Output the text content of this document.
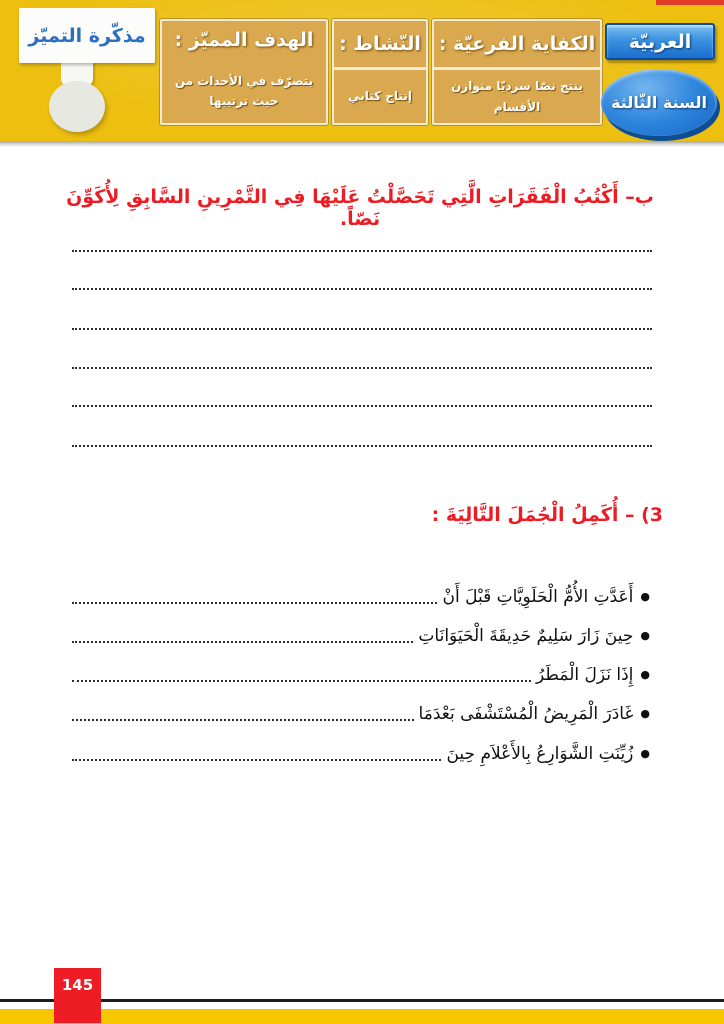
مذكّرة التميّز	الكفاية الفرعيّة :
ينتج نصّا سرديّا متوازن الأقسام
النّشاط :
إنتاج كتابي
الهدف المميّز :
يتصرّف في الأحداث من حيث ترتيبها
العربيّة
السنة الثّالثة
ب– أَكْتُبُ الْفَقَرَاتِ الَّتِي تَحَصَّلْتُ عَلَيْهَا فِي التَّمْرِينِ السَّابِقِ لِأُكَوِّنَ نَصّاً.
3) – أُكَمِلُ الْجُمَلَ التَّالِيَةَ :
●
أَعَدَّتِ الأُمُّ الْحَلَوِيَّاتِ قَبْلَ أَنْ
●
حِينَ زَارَ سَلِيمٌ حَدِيقَةَ الْحَيَوَانَاتِ
●
إِذَا نَزَلَ الْمَطَرُ
●
غَادَرَ الْمَرِيضُ الْمُسْتَشْفَى بَعْدَمَا
●
زُيِّنَتِ الشَّوَارِعُ بِالأَعْلاَمِ حِينَ
145
